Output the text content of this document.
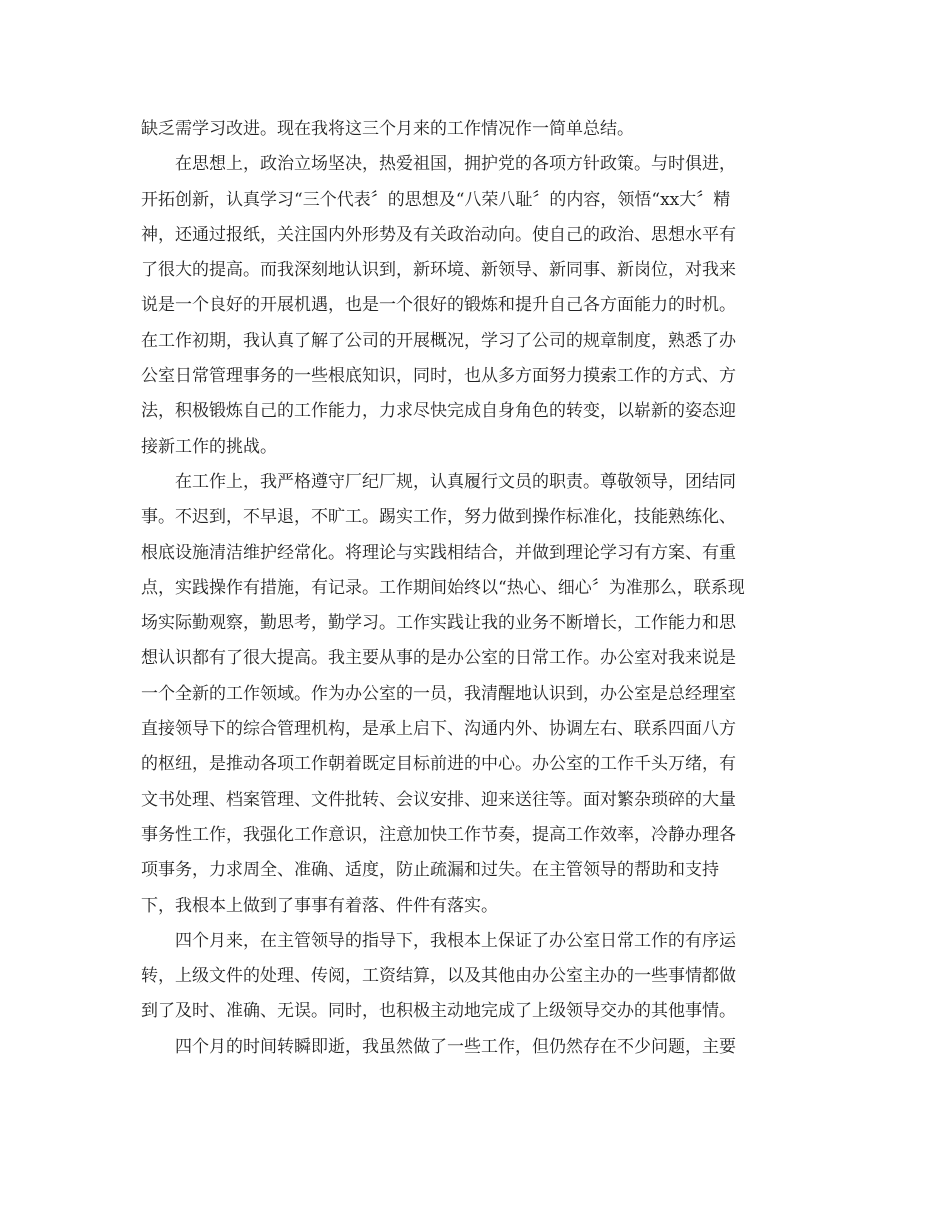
缺乏需学习改进。现在我将这三个月来的工作情况作一简单总结。
在思想上，政治立场坚决，热爱祖国，拥护党的各项方针政策。与时俱进，
开拓创新，认真学习“三个代表〞的思想及“八荣八耻〞的内容，领悟“xx大〞精
神，还通过报纸，关注国内外形势及有关政治动向。使自己的政治、思想水平有
了很大的提高。而我深刻地认识到，新环境、新领导、新同事、新岗位，对我来
说是一个良好的开展机遇，也是一个很好的锻炼和提升自己各方面能力的时机。
在工作初期，我认真了解了公司的开展概况，学习了公司的规章制度，熟悉了办
公室日常管理事务的一些根底知识，同时，也从多方面努力摸索工作的方式、方
法，积极锻炼自己的工作能力，力求尽快完成自身角色的转变，以崭新的姿态迎
接新工作的挑战。
在工作上，我严格遵守厂纪厂规，认真履行文员的职责。尊敬领导，团结同
事。不迟到，不早退，不旷工。踢实工作，努力做到操作标准化，技能熟练化、
根底设施清洁维护经常化。将理论与实践相结合，并做到理论学习有方案、有重
点，实践操作有措施，有记录。工作期间始终以“热心、细心〞为准那么，联系现
场实际勤观察，勤思考，勤学习。工作实践让我的业务不断增长，工作能力和思
想认识都有了很大提高。我主要从事的是办公室的日常工作。办公室对我来说是
一个全新的工作领域。作为办公室的一员，我清醒地认识到，办公室是总经理室
直接领导下的综合管理机构，是承上启下、沟通内外、协调左右、联系四面八方
的枢纽，是推动各项工作朝着既定目标前进的中心。办公室的工作千头万绪，有
文书处理、档案管理、文件批转、会议安排、迎来送往等。面对繁杂琐碎的大量
事务性工作，我强化工作意识，注意加快工作节奏，提高工作效率，冷静办理各
项事务，力求周全、准确、适度，防止疏漏和过失。在主管领导的帮助和支持
下，我根本上做到了事事有着落、件件有落实。
四个月来，在主管领导的指导下，我根本上保证了办公室日常工作的有序运
转，上级文件的处理、传阅，工资结算，以及其他由办公室主办的一些事情都做
到了及时、准确、无误。同时，也积极主动地完成了上级领导交办的其他事情。
四个月的时间转瞬即逝，我虽然做了一些工作，但仍然存在不少问题，主要
